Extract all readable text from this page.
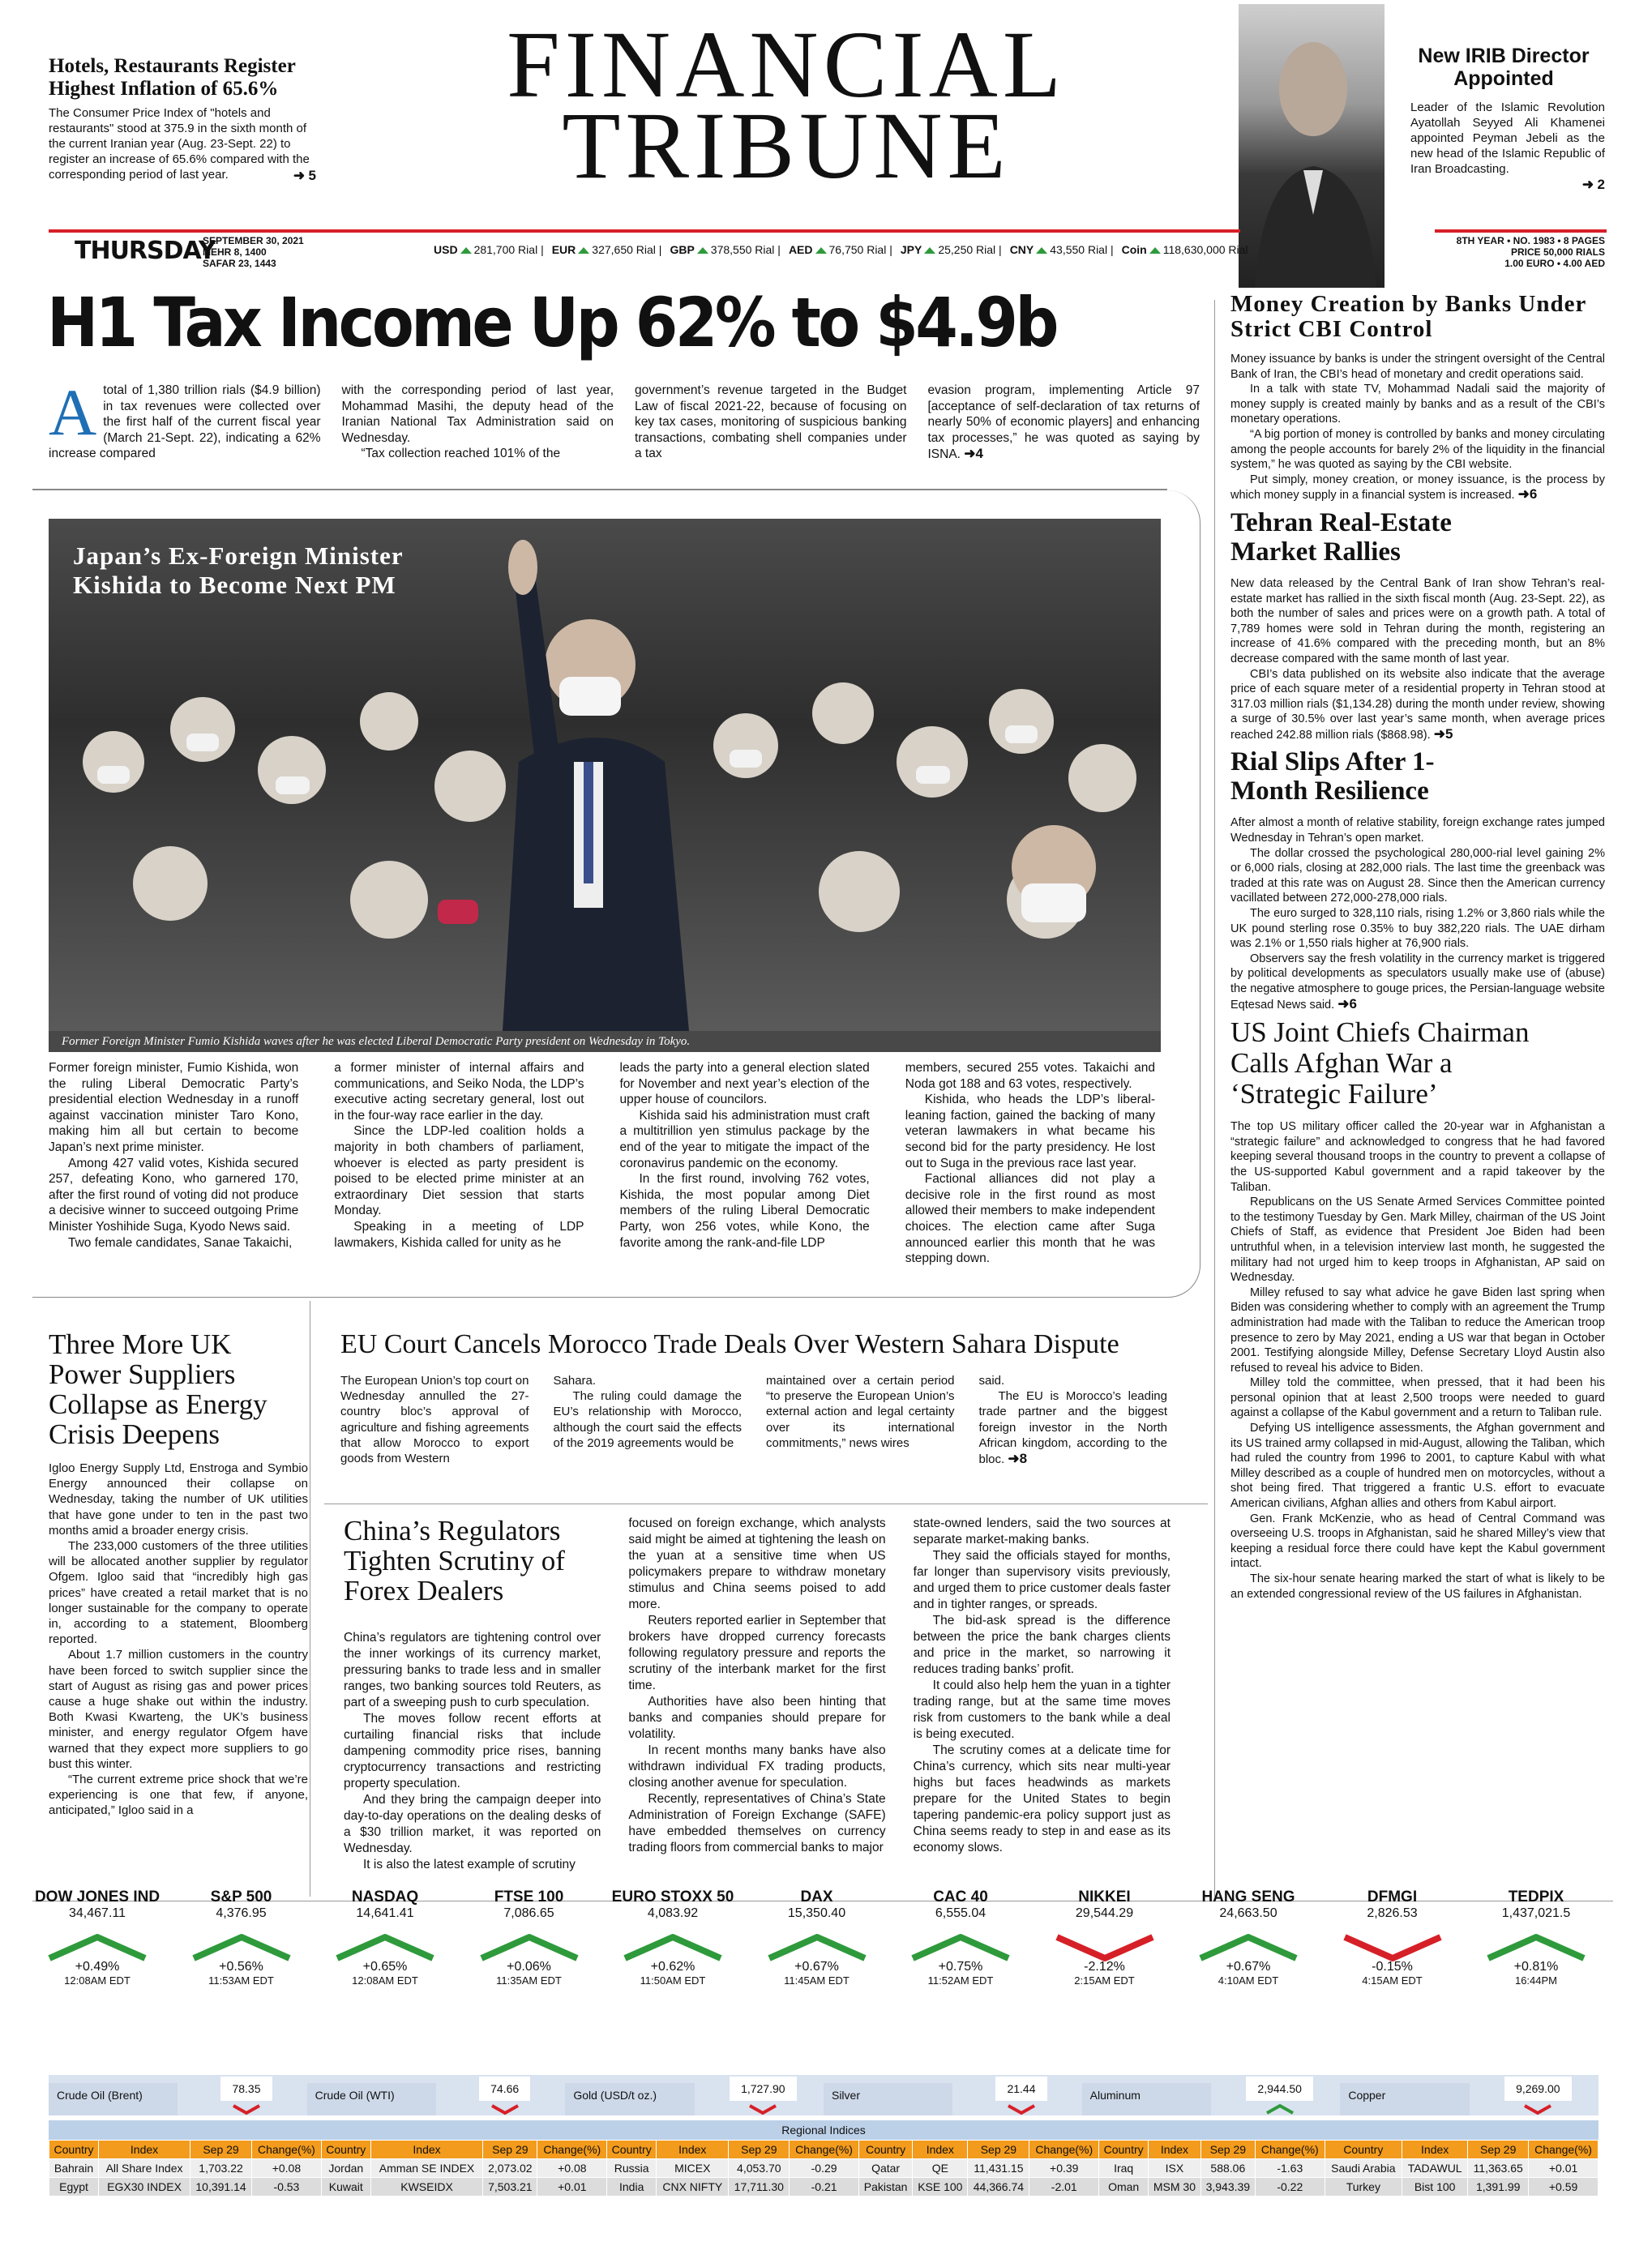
Hotels, Restaurants Register Highest Inflation of 65.6%
The Consumer Price Index of "hotels and restaurants" stood at 375.9 in the sixth month of the current Iranian year (Aug. 23-Sept. 22) to register an increase of 65.6% compared with the corresponding period of last year.	➜ 5
FINANCIAL
TRIBUNE
New IRIB Director Appointed
Leader of the Islamic Revolution Ayatollah Seyyed Ali Khamenei appointed Peyman Jebeli as the new head of the Islamic Republic of Iran Broadcasting.
➜ 2
THURSDAY
SEPTEMBER 30, 2021
MEHR 8, 1400
SAFAR 23, 1443
USD 281,700 Rial | EUR 327,650 Rial | GBP 378,550 Rial | AED 76,750 Rial | JPY 25,250 Rial | CNY 43,550 Rial | Coin 118,630,000 Rial
8TH YEAR • NO. 1983 • 8 PAGES
PRICE 50,000 RIALS
1.00 EURO • 4.00 AED
H1 Tax Income Up 62% to $4.9b
Atotal of 1,380 trillion rials ($4.9 billion) in tax revenues were collected over the first half of the current fiscal year (March 21-Sept. 22), indicating a 62% increase compared

with the corresponding period of last year, Mohammad Masihi, the deputy head of the Iranian National Tax Administration said on Wednesday.

“Tax collection reached 101% of the

government’s revenue targeted in the Budget Law of fiscal 2021-22, because of focusing on key tax cases, monitoring of suspicious banking transactions, combating shell companies under a tax
evasion program, implementing Article 97 [acceptance of self-declaration of tax returns of nearly 50% of economic players] and enhancing tax processes,” he was quoted as saying by ISNA. ➜4
Japan’s Ex-Foreign Minister Kishida to Become Next PM
Former Foreign Minister Fumio Kishida waves after he was elected Liberal Democratic Party president on Wednesday in Tokyo.

Former foreign minister, Fumio Kishida, won the ruling Liberal Democratic Party’s presidential election Wednesday in a runoff against vaccination minister Taro Kono, making him all but certain to become Japan’s next prime minister.

Among 427 valid votes, Kishida secured 257, defeating Kono, who garnered 170, after the first round of voting did not produce a decisive winner to succeed outgoing Prime Minister Yoshihide Suga, Kyodo News said.

Two female candidates, Sanae Takaichi,

a former minister of internal affairs and communications, and Seiko Noda, the LDP’s executive acting secretary general, lost out in the four-way race earlier in the day.

Since the LDP-led coalition holds a majority in both chambers of parliament, whoever is elected as party president is poised to be elected prime minister at an extraordinary Diet session that starts Monday.

Speaking in a meeting of LDP lawmakers, Kishida called for unity as he

leads the party into a general election slated for November and next year’s election of the upper house of councilors.

Kishida said his administration must craft a multitrillion yen stimulus package by the end of the year to mitigate the impact of the coronavirus pandemic on the economy.

In the first round, involving 762 votes, Kishida, the most popular among Diet members of the ruling Liberal Democratic Party, won 256 votes, while Kono, the favorite among the rank-and-file LDP

members, secured 255 votes. Takaichi and Noda got 188 and 63 votes, respectively.

Kishida, who heads the LDP’s liberal-leaning faction, gained the backing of many veteran lawmakers in what became his second bid for the party presidency. He lost out to Suga in the previous race last year.

Factional alliances did not play a decisive role in the first round as most allowed their members to make independent choices. The election came after Suga announced earlier this month that he was stepping down.

Money Creation by Banks Under Strict CBI Control

Money issuance by banks is under the stringent oversight of the Central Bank of Iran, the CBI’s head of monetary and credit operations said.

In a talk with state TV, Mohammad Nadali said the majority of money supply is created mainly by banks and as a result of the CBI’s monetary operations.

“A big portion of money is controlled by banks and money circulating among the people accounts for barely 2% of the liquidity in the financial system,” he was quoted as saying by the CBI website.

Put simply, money creation, or money issuance, is the process by which money supply in a financial system is increased. ➜6

Tehran Real-Estate Market Rallies

New data released by the Central Bank of Iran show Tehran’s real-estate market has rallied in the sixth fiscal month (Aug. 23-Sept. 22), as both the number of sales and prices were on a growth path. A total of 7,789 homes were sold in Tehran during the month, registering an increase of 41.6% compared with the preceding month, but an 8% decrease compared with the same month of last year.

CBI’s data published on its website also indicate that the average price of each square meter of a residential property in Tehran stood at 317.03 million rials ($1,134.28) during the month under review, showing a surge of 30.5% over last year’s same month, when average prices reached 242.88 million rials ($868.98). ➜5

Rial Slips After 1-Month Resilience

After almost a month of relative stability, foreign exchange rates jumped Wednesday in Tehran’s open market.

The dollar crossed the psychological 280,000-rial level gaining 2% or 6,000 rials, closing at 282,000 rials. The last time the greenback was traded at this rate was on August 28. Since then the American currency vacillated between 272,000-278,000 rials.

The euro surged to 328,110 rials, rising 1.2% or 3,860 rials while the UK pound sterling rose 0.35% to buy 382,220 rials. The UAE dirham was 2.1% or 1,550 rials higher at 76,900 rials.

Observers say the fresh volatility in the currency market is triggered by political developments as speculators usually make use of (abuse) the negative atmosphere to gouge prices, the Persian-language website Eqtesad News said. ➜6

US Joint Chiefs Chairman Calls Afghan War a ‘Strategic Failure’

The top US military officer called the 20-year war in Afghanistan a “strategic failure” and acknowledged to congress that he had favored keeping several thousand troops in the country to prevent a collapse of the US-supported Kabul government and a rapid takeover by the Taliban.

Republicans on the US Senate Armed Services Committee pointed to the testimony Tuesday by Gen. Mark Milley, chairman of the US Joint Chiefs of Staff, as evidence that President Joe Biden had been untruthful when, in a television interview last month, he suggested the military had not urged him to keep troops in Afghanistan, AP said on Wednesday.

Milley refused to say what advice he gave Biden last spring when Biden was considering whether to comply with an agreement the Trump administration had made with the Taliban to reduce the American troop presence to zero by May 2021, ending a US war that began in October 2001. Testifying alongside Milley, Defense Secretary Lloyd Austin also refused to reveal his advice to Biden.

Milley told the committee, when pressed, that it had been his personal opinion that at least 2,500 troops were needed to guard against a collapse of the Kabul government and a return to Taliban rule.

Defying US intelligence assessments, the Afghan government and its US trained army collapsed in mid-August, allowing the Taliban, which had ruled the country from 1996 to 2001, to capture Kabul with what Milley described as a couple of hundred men on motorcycles, without a shot being fired. That triggered a frantic U.S. effort to evacuate American civilians, Afghan allies and others from Kabul airport.

Gen. Frank McKenzie, who as head of Central Command was overseeing U.S. troops in Afghanistan, said he shared Milley’s view that keeping a residual force there could have kept the Kabul government intact.

The six-hour senate hearing marked the start of what is likely to be an extended congressional review of the US failures in Afghanistan.

Three More UK Power Suppliers Collapse as Energy Crisis Deepens

Igloo Energy Supply Ltd, Enstroga and Symbio Energy announced their collapse on Wednesday, taking the number of UK utilities that have gone under to ten in the past two months amid a broader energy crisis.

The 233,000 customers of the three utilities will be allocated another supplier by regulator Ofgem. Igloo said that “incredibly high gas prices” have created a retail market that is no longer sustainable for the company to operate in, according to a statement, Bloomberg reported.

About 1.7 million customers in the country have been forced to switch supplier since the start of August as rising gas and power prices cause a huge shake out within the industry. Both Kwasi Kwarteng, the UK’s business minister, and energy regulator Ofgem have warned that they expect more suppliers to go bust this winter.

“The current extreme price shock that we’re experiencing is one that few, if anyone, anticipated,” Igloo said in a

EU Court Cancels Morocco Trade Deals Over Western Sahara Dispute
The European Union’s top court on Wednesday annulled the 27-country bloc’s approval of agriculture and fishing agreements that allow Morocco to export goods from Western

Sahara.

The ruling could damage the EU’s relationship with Morocco, although the court said the effects of the 2019 agreements would be

maintained over a certain period “to preserve the European Union’s external action and legal certainty over its international commitments,” news wires

said.

The EU is Morocco’s leading trade partner and the biggest foreign investor in the North African kingdom, according to the bloc. ➜8

China’s Regulators Tighten Scrutiny of Forex Dealers

China’s regulators are tightening control over the inner workings of its currency market, pressuring banks to trade less and in smaller ranges, two banking sources told Reuters, as part of a sweeping push to curb speculation.

The moves follow recent efforts at curtailing financial risks that include dampening commodity price rises, banning cryptocurrency transactions and restricting property speculation.

And they bring the campaign deeper into day-to-day operations on the dealing desks of a $30 trillion market, it was reported on Wednesday.

It is also the latest example of scrutiny

focused on foreign exchange, which analysts said might be aimed at tightening the leash on the yuan at a sensitive time when US policymakers prepare to withdraw monetary stimulus and China seems poised to add more.

Reuters reported earlier in September that brokers have dropped currency forecasts following regulatory pressure and reports the scrutiny of the interbank market for the first time.

Authorities have also been hinting that banks and companies should prepare for volatility.

In recent months many banks have also withdrawn individual FX trading products, closing another avenue for speculation.

Recently, representatives of China’s State Administration of Foreign Exchange (SAFE) have embedded themselves on currency trading floors from commercial banks to major

state-owned lenders, said the two sources at separate market-making banks.

They said the officials stayed for months, far longer than supervisory visits previously, and urged them to price customer deals faster and in tighter ranges, or spreads.

The bid-ask spread is the difference between the price the bank charges clients and price in the market, so narrowing it reduces trading banks’ profit.

It could also help hem the yuan in a tighter trading range, but at the same time moves risk from customers to the bank while a deal is being executed.

The scrutiny comes at a delicate time for China’s currency, which sits near multi-year highs but faces headwinds as markets prepare for the United States to begin tapering pandemic-era policy support just as China seems ready to step in and ease as its economy slows.

DOW JONES IND
34,467.11
+0.49%
12:08AM EDT
S&P 500
4,376.95
+0.56%
11:53AM EDT
NASDAQ
14,641.41
+0.65%
12:08AM EDT
FTSE 100
7,086.65
+0.06%
11:35AM EDT
EURO STOXX 50
4,083.92
+0.62%
11:50AM EDT
DAX
15,350.40
+0.67%
11:45AM EDT
CAC 40
6,555.04
+0.75%
11:52AM EDT
NIKKEI
29,544.29
-2.12%
2:15AM EDT
HANG SENG
24,663.50
+0.67%
4:10AM EDT
DFMGI
2,826.53
-0.15%
4:15AM EDT
TEDPIX
1,437,021.5
+0.81%
16:44PM
Crude Oil (Brent)	78.35	Crude Oil (WTI)	74.66	Gold (USD/t oz.)	1,727.90	Silver	21.44	Aluminum	2,944.50	Copper	9,269.00
Regional Indices
Country	Index	Sep 29	Change(%)	Country	Index	Sep 29	Change(%)	Country	Index	Sep 29	Change(%)	Country	Index	Sep 29	Change(%)	Country	Index	Sep 29	Change(%)	Country	Index	Sep 29	Change(%)
Bahrain	All Share Index	1,703.22	+0.08	Jordan	Amman SE INDEX	2,073.02	+0.08	Russia	MICEX	4,053.70	-0.29	Qatar	QE	11,431.15	+0.39	Iraq	ISX	588.06	-1.63	Saudi Arabia	TADAWUL	11,363.65	+0.01
Egypt	EGX30 INDEX	10,391.14	-0.53	Kuwait	KWSEIDX	7,503.21	+0.01	India	CNX NIFTY	17,711.30	-0.21	Pakistan	KSE 100	44,366.74	-2.01	Oman	MSM 30	3,943.39	-0.22	Turkey	Bist 100	1,391.99	+0.59
